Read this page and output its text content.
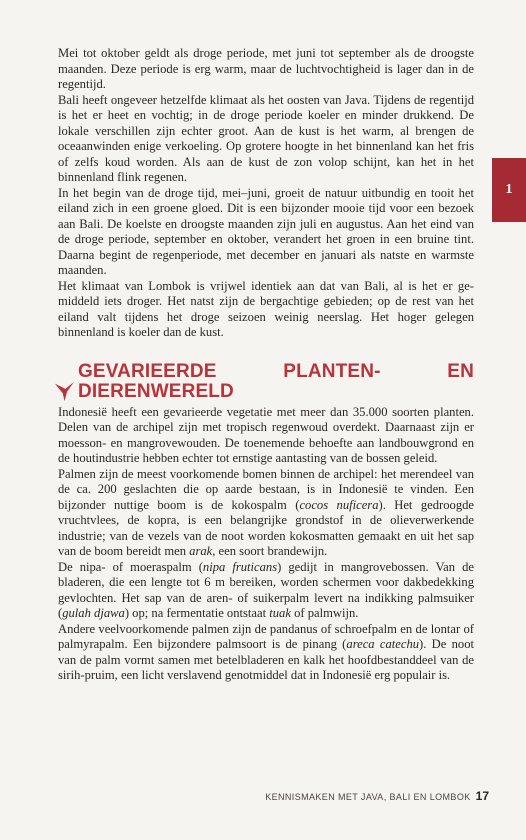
Mei tot oktober geldt als droge periode, met juni tot september als de droogste maanden. Deze periode is erg warm, maar de luchtvochtigheid is lager dan in de regentijd.

Bali heeft ongeveer hetzelfde klimaat als het oosten van Java. Tijdens de regentijd is het er heet en vochtig; in de droge periode koeler en minder drukkend. De lokale verschillen zijn echter groot. Aan de kust is het warm, al brengen de oceaanwinden enige verkoeling. Op grotere hoogte in het binnenland kan het fris of zelfs koud worden. Als aan de kust de zon volop schijnt, kan het in het binnenland flink regenen.

In het begin van de droge tijd, mei–juni, groeit de natuur uitbundig en tooit het eiland zich in een groene gloed. Dit is een bijzonder mooie tijd voor een bezoek aan Bali. De koelste en droogste maanden zijn juli en augustus. Aan het eind van de droge periode, september en oktober, verandert het groen in een bruine tint. Daarna begint de regenperiode, met december en januari als natste en warmste maanden.

Het klimaat van Lombok is vrijwel identiek aan dat van Bali, al is het er gemiddeld iets droger. Het natst zijn de bergachtige gebieden; op de rest van het eiland valt tijdens het droge seizoen weinig neerslag. Het hoger gelegen binnenland is koeler dan de kust.

GEVARIEERDE PLANTEN- EN DIERENWERELD

Indonesië heeft een gevarieerde vegetatie met meer dan 35.000 soorten planten. Delen van de archipel zijn met tropisch regenwoud overdekt. Daarnaast zijn er moesson- en mangrovewouden. De toenemende behoefte aan landbouwgrond en de houtindustrie hebben echter tot ernstige aantasting van de bossen geleid.

Palmen zijn de meest voorkomende bomen binnen de archipel: het merendeel van de ca. 200 geslachten die op aarde bestaan, is in Indonesië te vinden. Een bijzonder nuttige boom is de kokospalm (cocos nuficera). Het gedroogde vruchtvlees, de kopra, is een belangrijke grondstof in de olieverwerkende industrie; van de vezels van de noot worden kokosmatten gemaakt en uit het sap van de boom bereidt men arak, een soort brandewijn.

De nipa- of moeraspalm (nipa fruticans) gedijt in mangrovebossen. Van de bladeren, die een lengte tot 6 m bereiken, worden schermen voor dakbedekking gevlochten. Het sap van de aren- of suikerpalm levert na indikking palmsuiker (gulah djawa) op; na fermentatie ontstaat tuak of palmwijn.

Andere veelvoorkomende palmen zijn de pandanus of schroefpalm en de lontar of palmyrapalm. Een bijzondere palmsoort is de pinang (areca catechu). De noot van de palm vormt samen met betelbladeren en kalk het hoofdbestanddeel van de sirih-pruim, een licht verslavend genotmiddel dat in Indonesië erg populair is.

1
KENNISMAKEN MET JAVA, BALI EN LOMBOK 17
